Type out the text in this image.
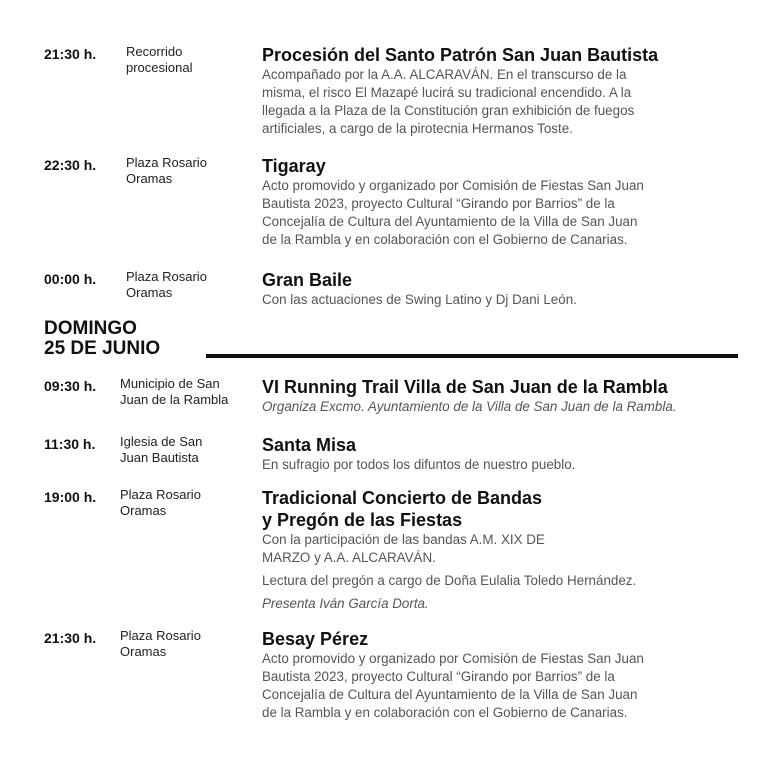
21:30 h. Recorrido
procesional
Procesión del Santo Patrón San Juan Bautista
Acompañado por la A.A. ALCARAVÁN. En el transcurso de la
misma, el risco El Mazapé lucirá su tradicional encendido. A la
llegada a la Plaza de la Constitución gran exhibición de fuegos
artificiales, a cargo de la pirotecnia Hermanos Toste.
22:30 h. Plaza Rosario
Oramas
Tigaray
Acto promovido y organizado por Comisión de Fiestas San Juan
Bautista 2023, proyecto Cultural “Girando por Barrios” de la
Concejalía de Cultura del Ayuntamiento de la Villa de San Juan
de la Rambla y en colaboración con el Gobierno de Canarias.
00:00 h. Plaza Rosario
Oramas
Gran Baile
Con las actuaciones de Swing Latino y Dj Dani León.
DOMINGO
25 DE JUNIO
09:30 h. Municipio de San
Juan de la Rambla
VI Running Trail Villa de San Juan de la Rambla
Organiza Excmo. Ayuntamiento de la Villa de San Juan de la Rambla.
11:30 h. Iglesia de San
Juan Bautista
Santa Misa
En sufragio por todos los difuntos de nuestro pueblo.
19:00 h. Plaza Rosario
Oramas
Tradicional Concierto de Bandas
y Pregón de las Fiestas
Con la participación de las bandas A.M. XIX DE
MARZO y A.A. ALCARAVÁN.
Lectura del pregón a cargo de Doña Eulalia Toledo Hernández.
Presenta Iván García Dorta.
21:30 h. Plaza Rosario
Oramas
Besay Pérez
Acto promovido y organizado por Comisión de Fiestas San Juan
Bautista 2023, proyecto Cultural “Girando por Barrios” de la
Concejalía de Cultura del Ayuntamiento de la Villa de San Juan
de la Rambla y en colaboración con el Gobierno de Canarias.
